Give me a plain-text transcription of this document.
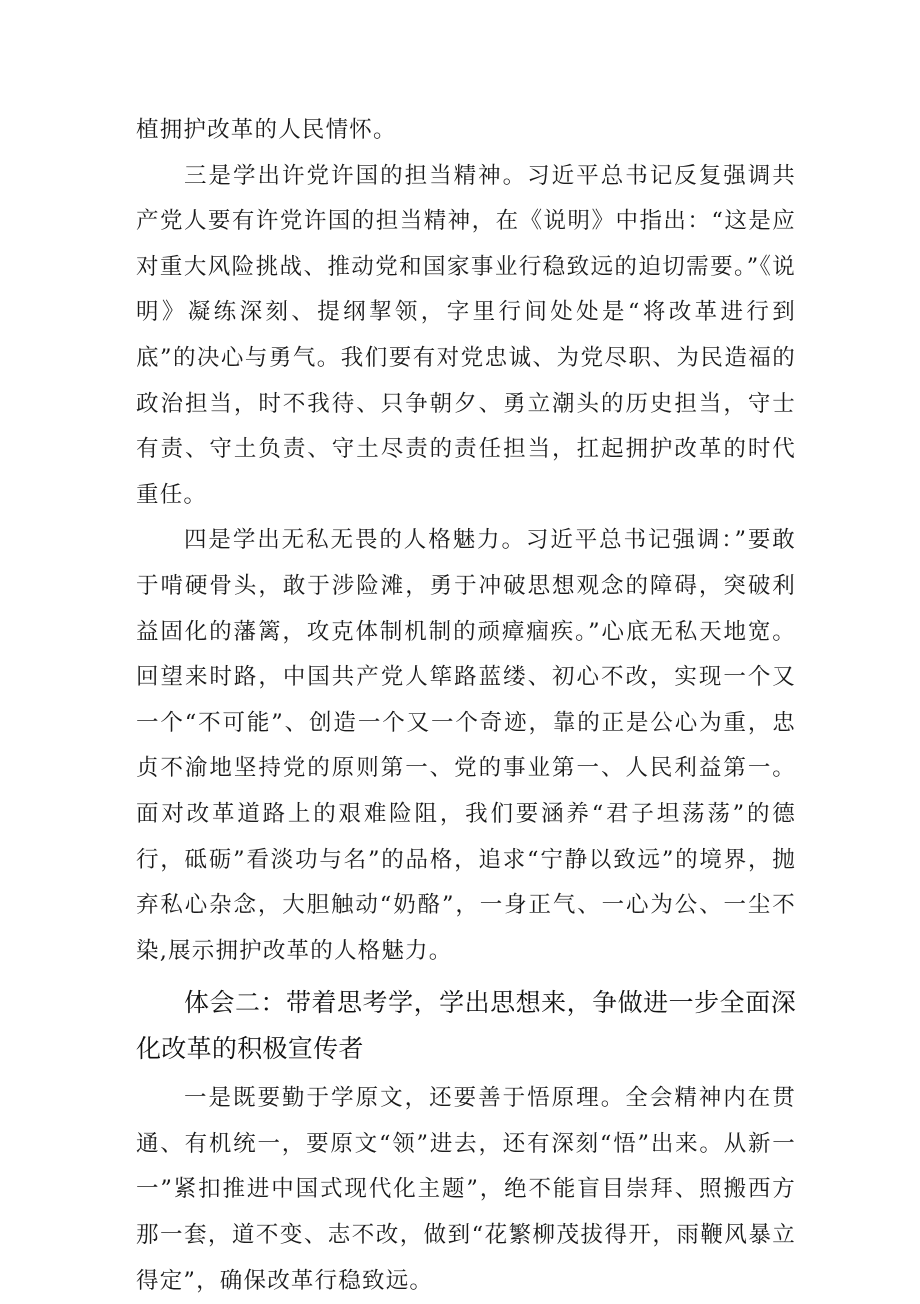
植拥护改革的人民情怀。

三是学出许党许国的担当精神。习近平总书记反复强调共产党人要有许党许国的担当精神，在《说明》中指出：“这是应对重大风险挑战、推动党和国家事业行稳致远的迫切需要。”《说明》凝练深刻、提纲挈领，字里行间处处是“将改革进行到底”的决心与勇气。我们要有对党忠诚、为党尽职、为民造福的政治担当，时不我待、只争朝夕、勇立潮头的历史担当，守士有责、守土负责、守土尽责的责任担当，扛起拥护改革的时代重任。

四是学出无私无畏的人格魅力。习近平总书记强调：”要敢于啃硬骨头，敢于涉险滩，勇于冲破思想观念的障碍，突破利益固化的藩篱，攻克体制机制的顽瘴痼疾。”心底无私天地宽。回望来时路，中国共产党人筚路蓝缕、初心不改，实现一个又一个“不可能”、创造一个又一个奇迹，靠的正是公心为重，忠贞不渝地坚持党的原则第一、党的事业第一、人民利益第一。面对改革道路上的艰难险阻，我们要涵养“君子坦荡荡”的德行，砥砺”看淡功与名”的品格，追求“宁静以致远”的境界，抛弃私心杂念，大胆触动“奶酪”，一身正气、一心为公、一尘不染,展示拥护改革的人格魅力。

体会二：带着思考学，学出思想来，争做进一步全面深化改革的积极宣传者

一是既要勤于学原文，还要善于悟原理。全会精神内在贯通、有机统一，要原文“领”进去，还有深刻“悟”出来。从新一一”紧扣推进中国式现代化主题”，绝不能盲目崇拜、照搬西方那一套，道不变、志不改，做到“花繁柳茂拔得开，雨鞭风暴立得定”，确保改革行稳致远。
